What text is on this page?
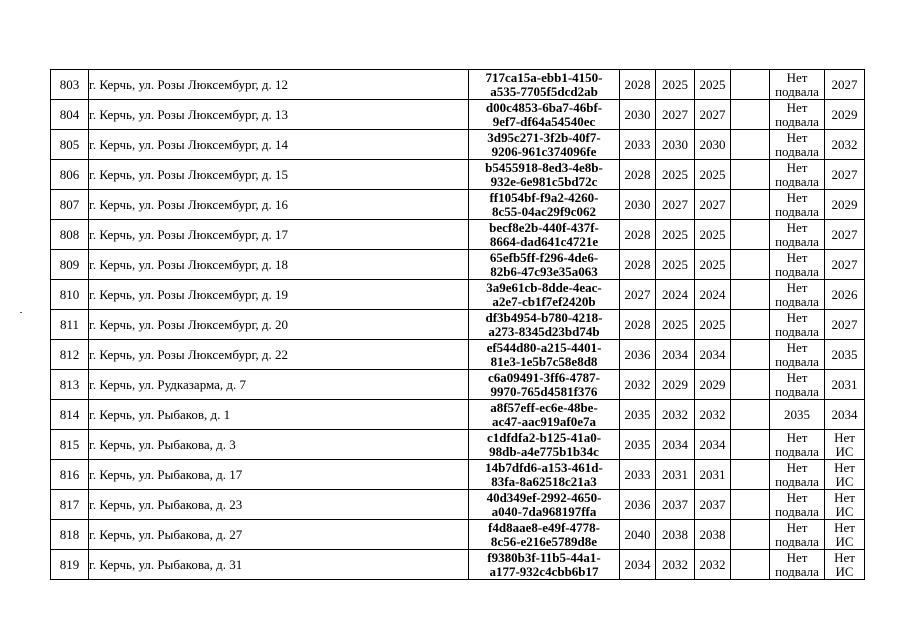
803	г. Керчь, ул. Розы Люксембург, д. 12	717ca15a-ebb1-4150-
a535-7705f5dcd2ab	2028	2025	2025		Нет
подвала	2027

804	г. Керчь, ул. Розы Люксембург, д. 13	d00c4853-6ba7-46bf-
9ef7-df64a54540ec	2030	2027	2027		Нет
подвала	2029

805	г. Керчь, ул. Розы Люксембург, д. 14	3d95c271-3f2b-40f7-
9206-961c374096fe	2033	2030	2030		Нет
подвала	2032

806	г. Керчь, ул. Розы Люксембург, д. 15	b5455918-8ed3-4e8b-
932e-6e981c5bd72c	2028	2025	2025		Нет
подвала	2027

807	г. Керчь, ул. Розы Люксембург, д. 16	ff1054bf-f9a2-4260-
8c55-04ac29f9c062	2030	2027	2027		Нет
подвала	2029

808	г. Керчь, ул. Розы Люксембург, д. 17	becf8e2b-440f-437f-
8664-dad641c4721e	2028	2025	2025		Нет
подвала	2027

809	г. Керчь, ул. Розы Люксембург, д. 18	65efb5ff-f296-4de6-
82b6-47c93e35a063	2028	2025	2025		Нет
подвала	2027

810	г. Керчь, ул. Розы Люксембург, д. 19	3a9e61cb-8dde-4eac-
a2e7-cb1f7ef2420b	2027	2024	2024		Нет
подвала	2026

811	г. Керчь, ул. Розы Люксембург, д. 20	df3b4954-b780-4218-
a273-8345d23bd74b	2028	2025	2025		Нет
подвала	2027

812	г. Керчь, ул. Розы Люксембург, д. 22	ef544d80-a215-4401-
81e3-1e5b7c58e8d8	2036	2034	2034		Нет
подвала	2035

813	г. Керчь, ул. Рудказарма, д. 7	c6a09491-3ff6-4787-
9970-765d4581f376	2032	2029	2029		Нет
подвала	2031

814	г. Керчь, ул. Рыбаков, д. 1	a8f57eff-ec6e-48be-
ac47-aac919af0e7a	2035	2032	2032		2035	2034

815	г. Керчь, ул. Рыбакова, д. 3	c1dfdfa2-b125-41a0-
98db-a4e775b1b34c	2035	2034	2034		Нет
подвала	Нет
ИС

816	г. Керчь, ул. Рыбакова, д. 17	14b7dfd6-a153-461d-
83fa-8a62518c21a3	2033	2031	2031		Нет
подвала	Нет
ИС

817	г. Керчь, ул. Рыбакова, д. 23	40d349ef-2992-4650-
a040-7da968197ffa	2036	2037	2037		Нет
подвала	Нет
ИС

818	г. Керчь, ул. Рыбакова, д. 27	f4d8aae8-e49f-4778-
8c56-e216e5789d8e	2040	2038	2038		Нет
подвала	Нет
ИС

819	г. Керчь, ул. Рыбакова, д. 31	f9380b3f-11b5-44a1-
a177-932c4cbb6b17	2034	2032	2032		Нет
подвала	Нет
ИС
